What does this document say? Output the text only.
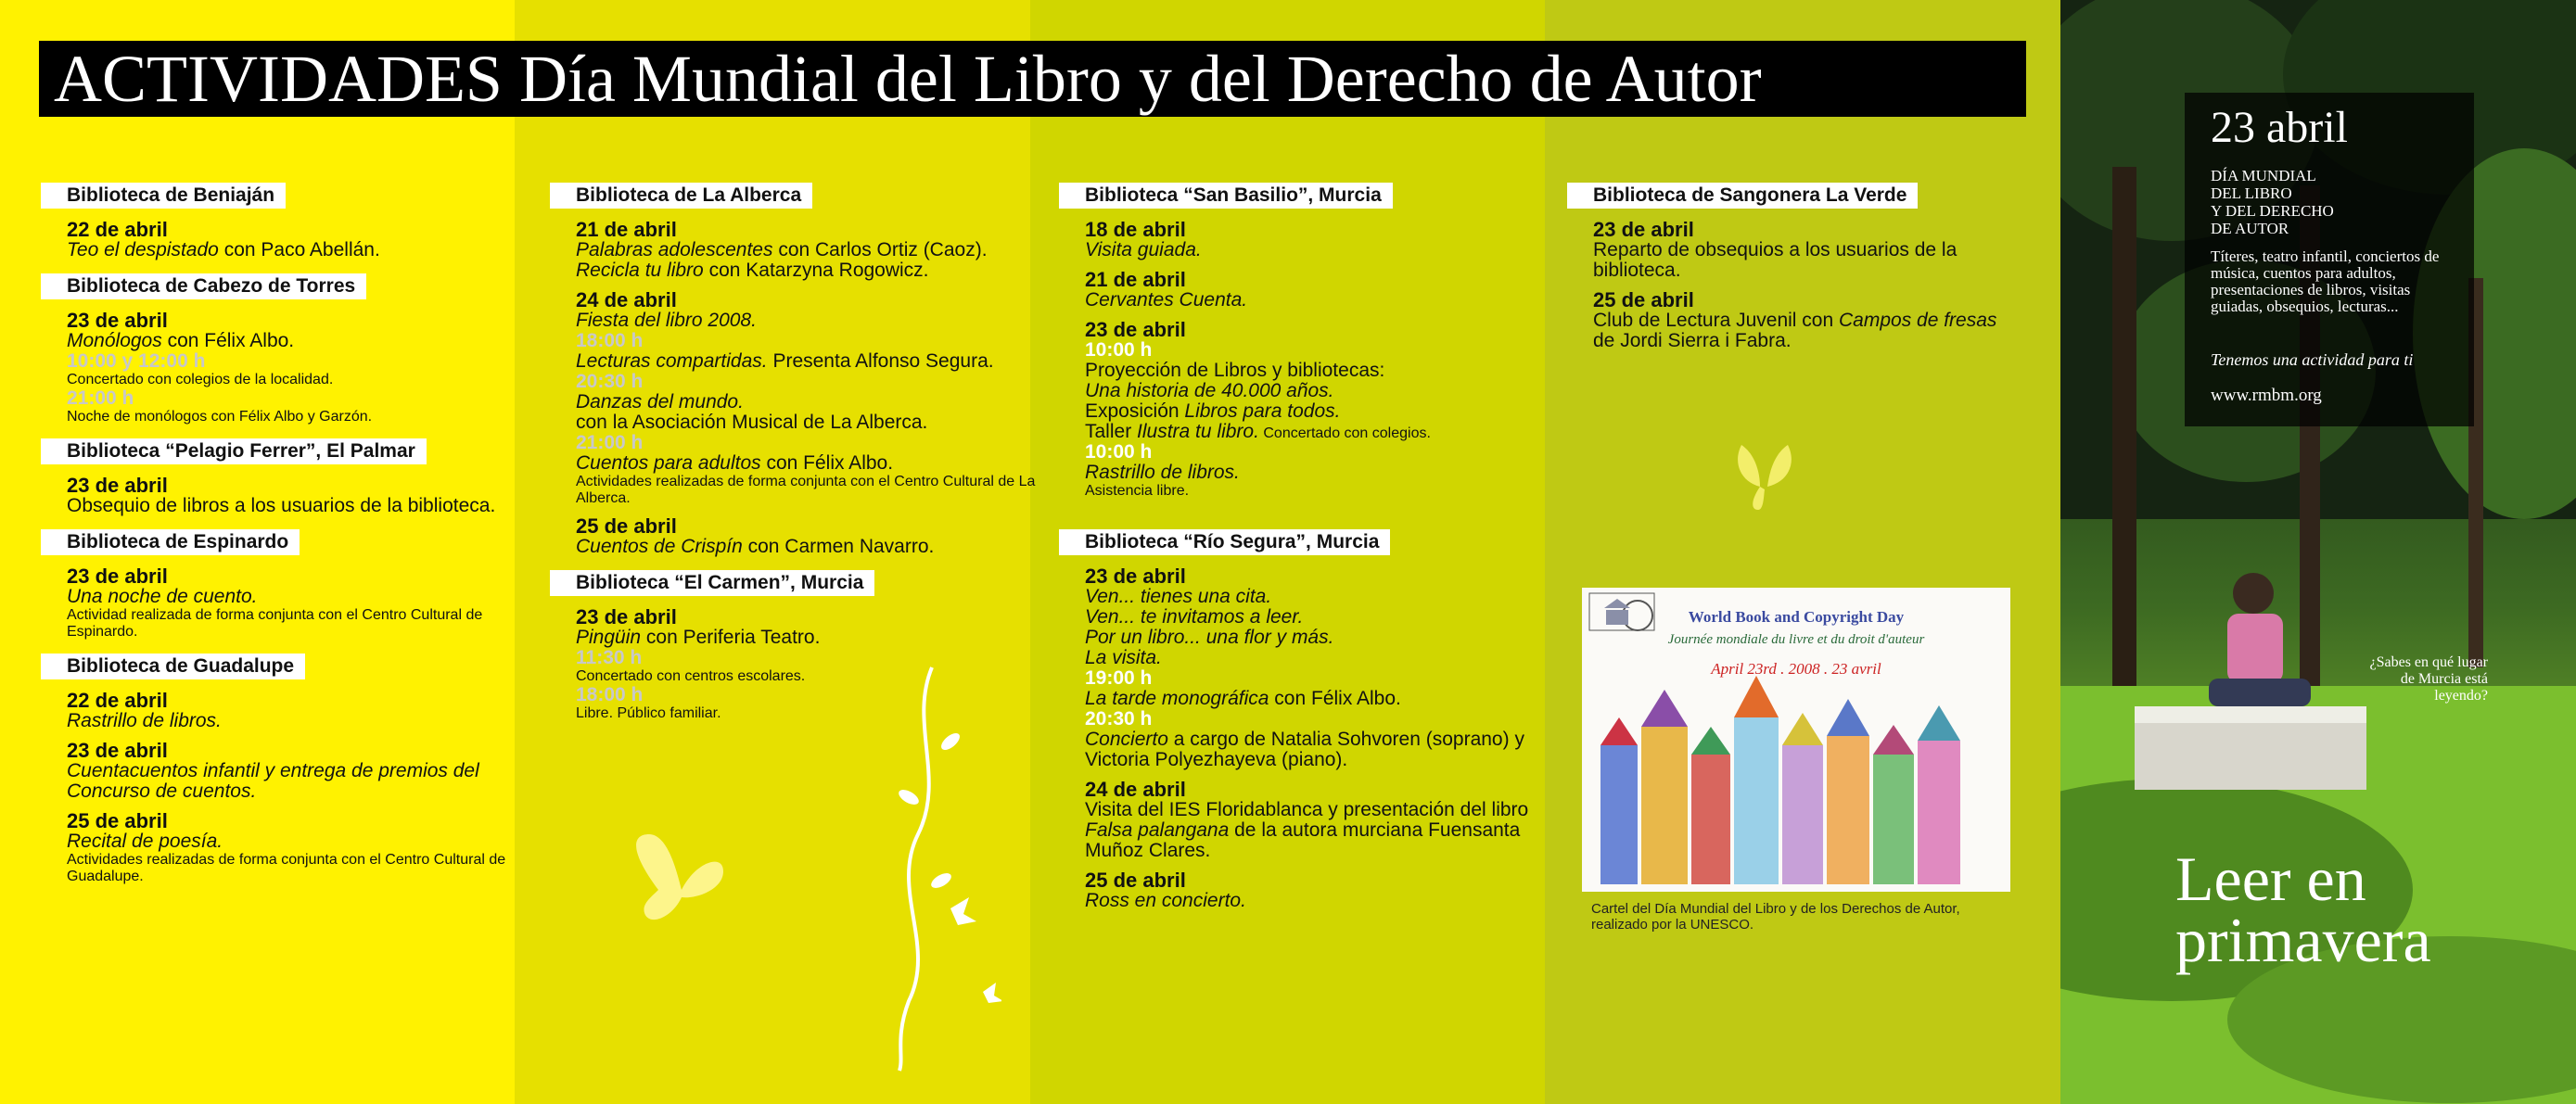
ACTIVIDADES Día Mundial del Libro y del Derecho de Autor
Biblioteca de Beniaján
22 de abril
Teo el despistado con Paco Abellán.
Biblioteca de Cabezo de Torres
23 de abril
Monólogos con Félix Albo.
10:00 y 12:00 h
Concertado con colegios de la localidad.
21:00 h
Noche de monólogos con Félix Albo y Garzón.
Biblioteca “Pelagio Ferrer”, El Palmar
23 de abril
Obsequio de libros a los usuarios de la biblioteca.
Biblioteca de Espinardo
23 de abril
Una noche de cuento.
Actividad realizada de forma conjunta con el Centro Cultural de Espinardo.
Biblioteca de Guadalupe
22 de abril
Rastrillo de libros.
23 de abril
Cuentacuentos infantil y entrega de premios del Concurso de cuentos.
25 de abril
Recital de poesía.
Actividades realizadas de forma conjunta con el Centro Cultural de Guadalupe.
Biblioteca de La Alberca
21 de abril
Palabras adolescentes con Carlos Ortiz (Caoz).
Recicla tu libro con Katarzyna Rogowicz.
24 de abril
Fiesta del libro 2008.
18:00 h
Lecturas compartidas. Presenta Alfonso Segura.
20:30 h
Danzas del mundo.
con la Asociación Musical de La Alberca.
21:00 h
Cuentos para adultos con Félix Albo.
Actividades realizadas de forma conjunta con el Centro Cultural de La Alberca.
25 de abril
Cuentos de Crispín con Carmen Navarro.
Biblioteca “El Carmen”, Murcia
23 de abril
Pingüin con Periferia Teatro.
11:30 h
Concertado con centros escolares.
18:00 h
Libre. Público familiar.
Biblioteca “San Basilio”, Murcia
18 de abril
Visita guiada.
21 de abril
Cervantes Cuenta.
23 de abril
10:00 h
Proyección de Libros y bibliotecas:
Una historia de 40.000 años.
Exposición Libros para todos.
Taller Ilustra tu libro. Concertado con colegios.
10:00 h
Rastrillo de libros.
Asistencia libre.
Biblioteca “Río Segura”, Murcia
23 de abril
Ven... tienes una cita.
Ven... te invitamos a leer.
Por un libro... una flor y más.
La visita.
19:00 h
La tarde monográfica con Félix Albo.
20:30 h
Concierto a cargo de Natalia Sohvoren (soprano) y Victoria Polyezhayeva (piano).
24 de abril
Visita del IES Floridablanca y presentación del libro Falsa palangana de la autora murciana Fuensanta Muñoz Clares.
25 de abril
Ross en concierto.
Biblioteca de Sangonera La Verde
23 de abril
Reparto de obsequios a los usuarios de la biblioteca.
25 de abril
Club de Lectura Juvenil con Campos de fresas de Jordi Sierra i Fabra.
World Book and Copyright Day
Journée mondiale du livre et du droit d'auteur
April 23rd . 2008 . 23 avril
Cartel del Día Mundial del Libro y de los Derechos de Autor,
realizado por la UNESCO.
23 abril
DÍA MUNDIAL
DEL LIBRO
Y DEL DERECHO
DE AUTOR
Títeres, teatro infantil, conciertos de música, cuentos para adultos, presentaciones de libros, visitas guiadas, obsequios, lecturas...
Tenemos una actividad para ti
www.rmbm.org
¿Sabes en qué lugar de Murcia está leyendo?
Leer en
primavera
